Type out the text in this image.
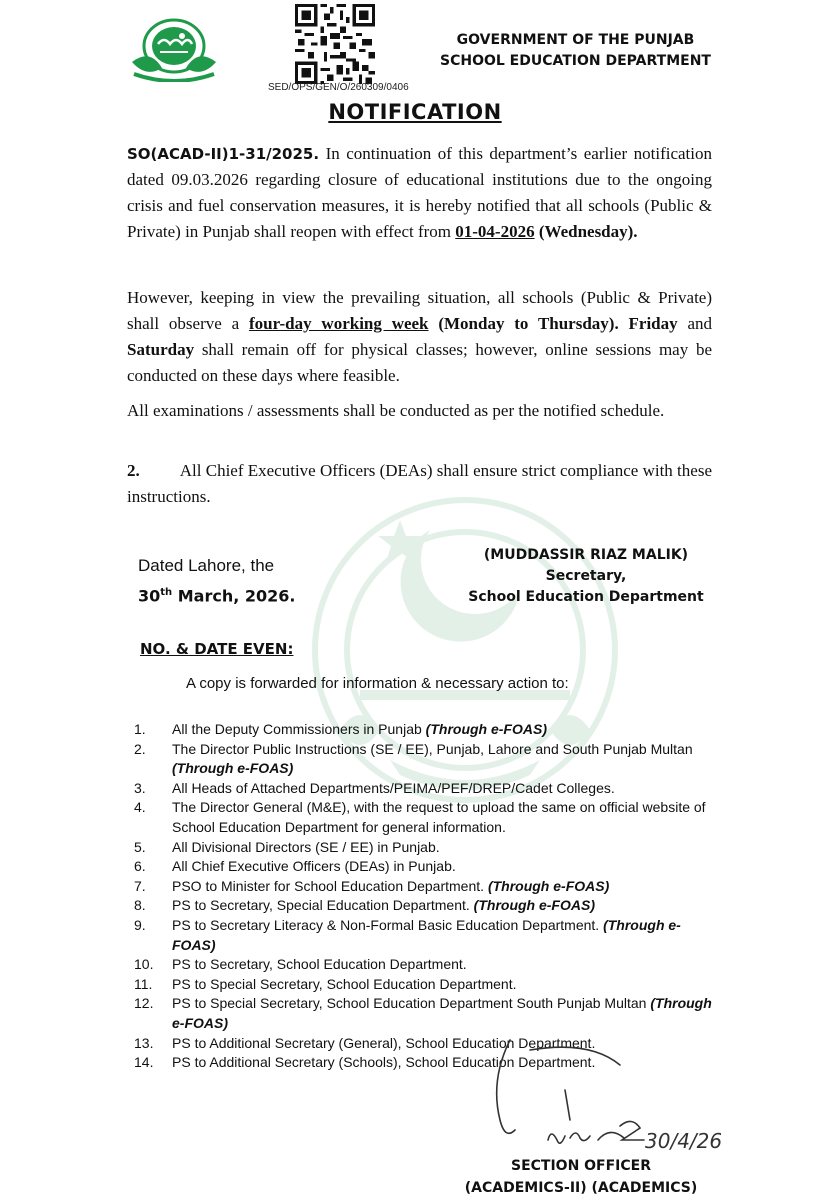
SED/OPS/GEN/O/260309/0406
GOVERNMENT OF THE PUNJAB
SCHOOL EDUCATION DEPARTMENT
NOTIFICATION
SO(ACAD-II)1-31/2025. In continuation of this department’s earlier notification dated 09.03.2026 regarding closure of educational institutions due to the ongoing crisis and fuel conservation measures, it is hereby notified that all schools (Public & Private) in Punjab shall reopen with effect from 01-04-2026 (Wednesday).
However, keeping in view the prevailing situation, all schools (Public & Private) shall observe a four-day working week (Monday to Thursday). Friday and Saturday shall remain off for physical classes; however, online sessions may be conducted on these days where feasible.
All examinations / assessments shall be conducted as per the notified schedule.
2. All Chief Executive Officers (DEAs) shall ensure strict compliance with these instructions.
Dated Lahore, the
30th March, 2026.
(MUDDASSIR RIAZ MALIK)
Secretary,
School Education Department
NO. & DATE EVEN:
A copy is forwarded for information & necessary action to:
1.	All the Deputy Commissioners in Punjab (Through e-FOAS)
2.	The Director Public Instructions (SE / EE), Punjab, Lahore and South Punjab Multan (Through e-FOAS)
3.	All Heads of Attached Departments/PEIMA/PEF/DREP/Cadet Colleges.
4.	The Director General (M&E), with the request to upload the same on official website of School Education Department for general information.
5.	All Divisional Directors (SE / EE) in Punjab.
6.	All Chief Executive Officers (DEAs) in Punjab.
7.	PSO to Minister for School Education Department. (Through e-FOAS)
8.	PS to Secretary, Special Education Department. (Through e-FOAS)
9.	PS to Secretary Literacy & Non-Formal Basic Education Department. (Through e-FOAS)
10.	PS to Secretary, School Education Department.
11.	PS to Special Secretary, School Education Department.
12.	PS to Special Secretary, School Education Department South Punjab Multan (Through e-FOAS)
13.	PS to Additional Secretary (General), School Education Department.
14.	PS to Additional Secretary (Schools), School Education Department.
30/4/26
SECTION OFFICER
(ACADEMICS-II) (ACADEMICS)
